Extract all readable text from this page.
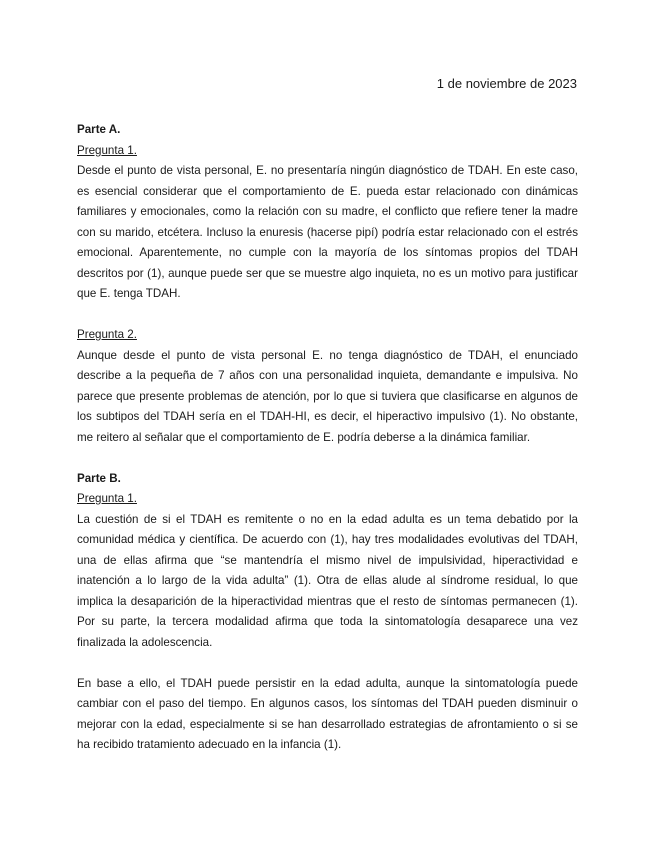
1 de noviembre de 2023

Parte A.

Pregunta 1.

Desde el punto de vista personal, E. no presentaría ningún diagnóstico de TDAH. En este caso, es esencial considerar que el comportamiento de E. pueda estar relacionado con dinámicas familiares y emocionales, como la relación con su madre, el conflicto que refiere tener la madre con su marido, etcétera. Incluso la enuresis (hacerse pipí) podría estar relacionado con el estrés emocional. Aparentemente, no cumple con la mayoría de los síntomas propios del TDAH descritos por (1), aunque puede ser que se muestre algo inquieta, no es un motivo para justificar que E. tenga TDAH.

Pregunta 2.

Aunque desde el punto de vista personal E. no tenga diagnóstico de TDAH, el enunciado describe a la pequeña de 7 años con una personalidad inquieta, demandante e impulsiva. No parece que presente problemas de atención, por lo que si tuviera que clasificarse en algunos de los subtipos del TDAH sería en el TDAH-HI, es decir, el hiperactivo impulsivo (1). No obstante, me reitero al señalar que el comportamiento de E. podría deberse a la dinámica familiar.

Parte B.

Pregunta 1.

La cuestión de si el TDAH es remitente o no en la edad adulta es un tema debatido por la comunidad médica y científica. De acuerdo con (1), hay tres modalidades evolutivas del TDAH, una de ellas afirma que “se mantendría el mismo nivel de impulsividad, hiperactividad e inatención a lo largo de la vida adulta” (1). Otra de ellas alude al síndrome residual, lo que implica la desaparición de la hiperactividad mientras que el resto de síntomas permanecen (1). Por su parte, la tercera modalidad afirma que toda la sintomatología desaparece una vez finalizada la adolescencia.

En base a ello, el TDAH puede persistir en la edad adulta, aunque la sintomatología puede cambiar con el paso del tiempo. En algunos casos, los síntomas del TDAH pueden disminuir o mejorar con la edad, especialmente si se han desarrollado estrategias de afrontamiento o si se ha recibido tratamiento adecuado en la infancia (1).
